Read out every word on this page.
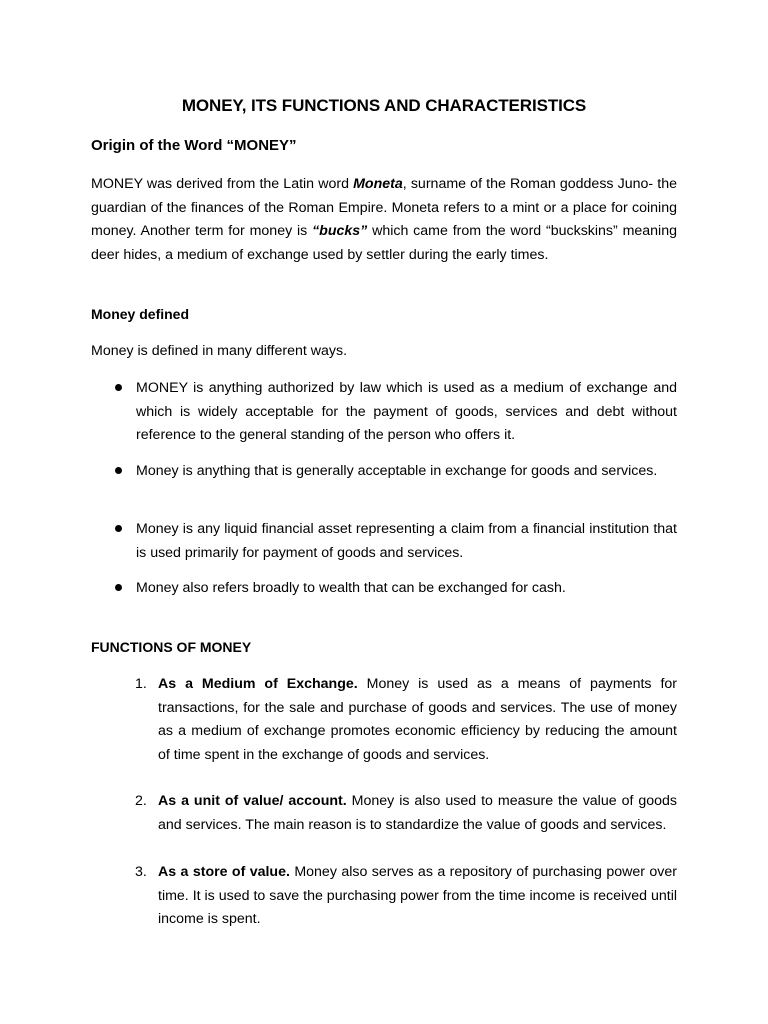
MONEY, ITS FUNCTIONS AND CHARACTERISTICS
Origin of the Word “MONEY”

MONEY was derived from the Latin word Moneta, surname of the Roman goddess Juno- the guardian of the finances of the Roman Empire. Moneta refers to a mint or a place for coining money. Another term for money is “bucks” which came from the word “buckskins” meaning deer hides, a medium of exchange used by settler during the early times.

Money defined

Money is defined in many different ways.

MONEY is anything authorized by law which is used as a medium of exchange and which is widely acceptable for the payment of goods, services and debt without reference to the general standing of the person who offers it.
Money is anything that is generally acceptable in exchange for goods and services.
Money is any liquid financial asset representing a claim from a financial institution that is used primarily for payment of goods and services.
Money also refers broadly to wealth that can be exchanged for cash.
FUNCTIONS OF MONEY
1. As a Medium of Exchange. Money is used as a means of payments for transactions, for the sale and purchase of goods and services. The use of money as a medium of exchange promotes economic efficiency by reducing the amount of time spent in the exchange of goods and services.
2. As a unit of value/ account. Money is also used to measure the value of goods and services. The main reason is to standardize the value of goods and services.
3. As a store of value. Money also serves as a repository of purchasing power over time. It is used to save the purchasing power from the time income is received until income is spent.
